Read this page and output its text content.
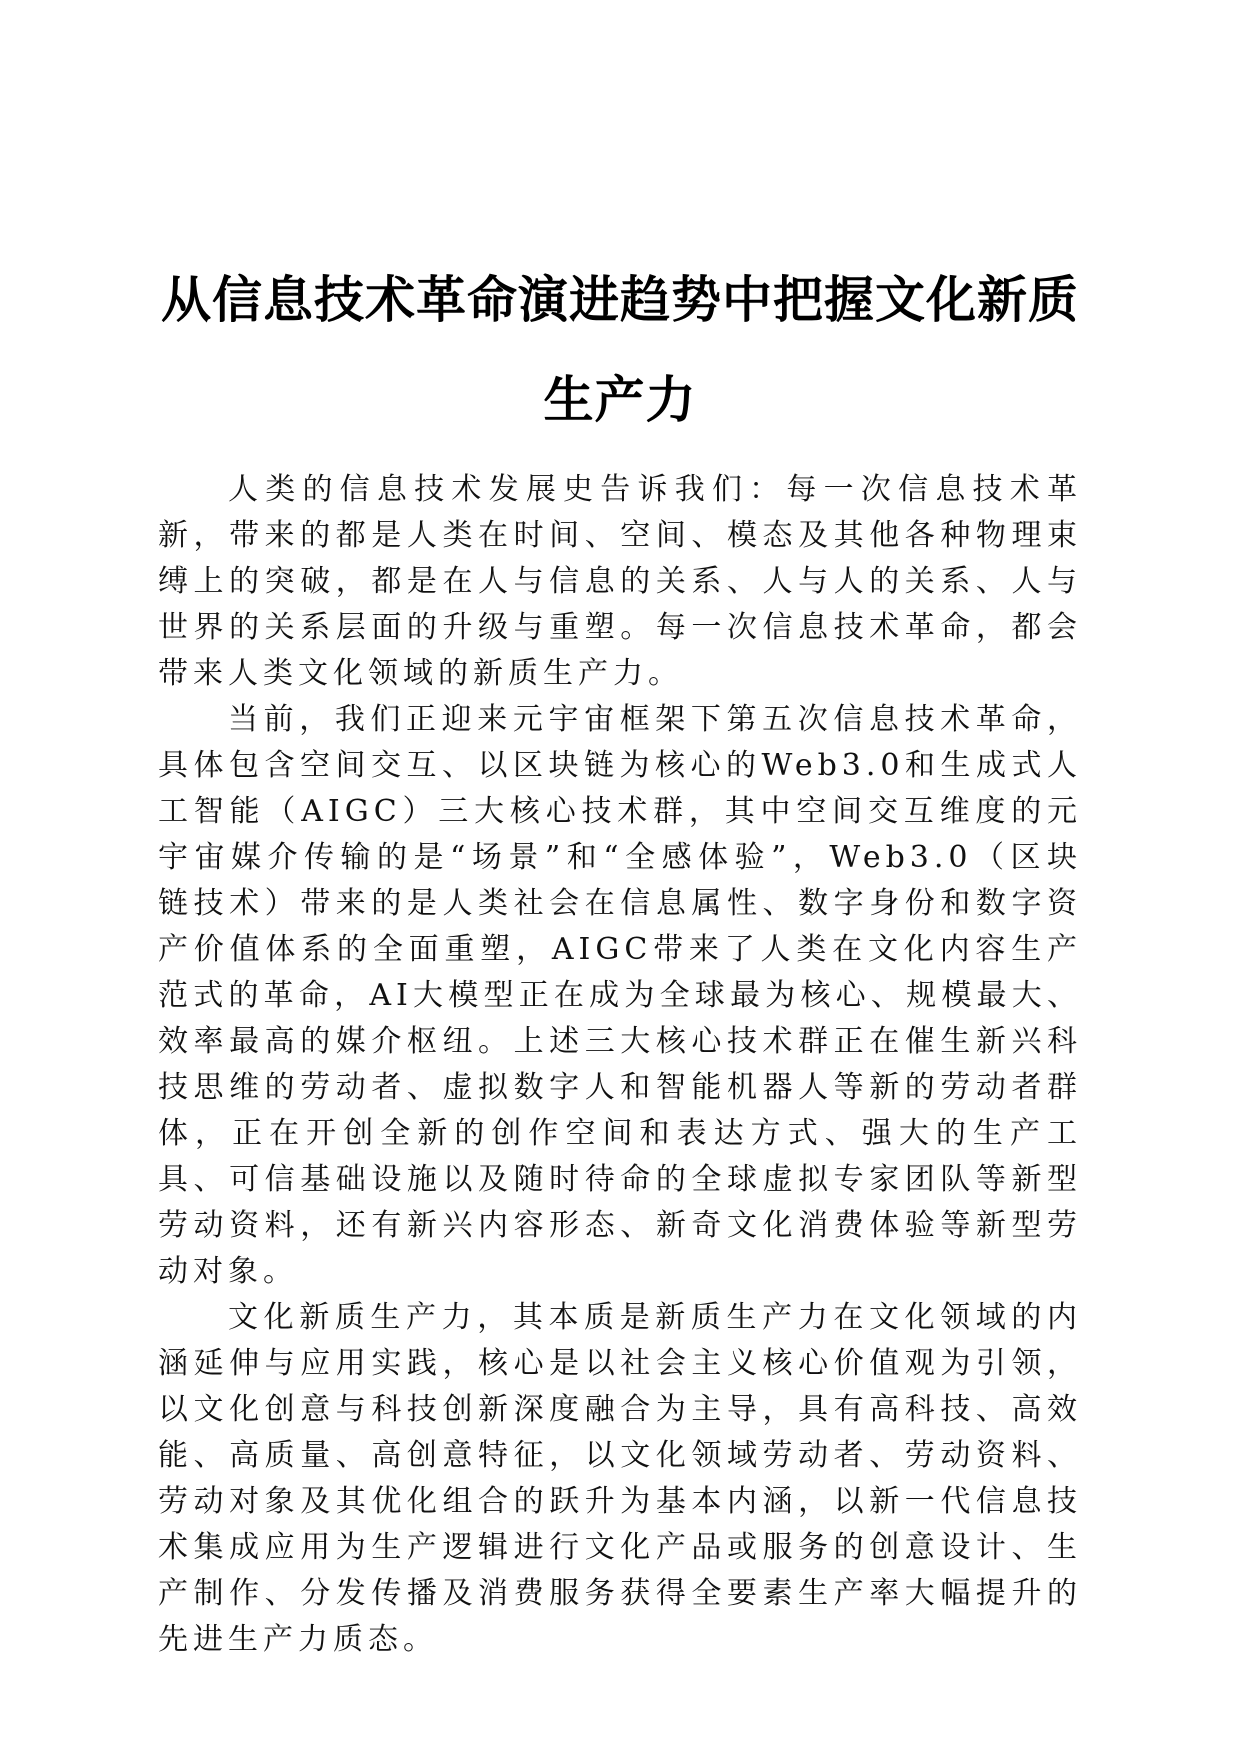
从信息技术革命演进趋势中把握文化新质生产力

人类的信息技术发展史告诉我们：每一次信息技术革新，带来的都是人类在时间、空间、模态及其他各种物理束缚上的突破，都是在人与信息的关系、人与人的关系、人与世界的关系层面的升级与重塑。每一次信息技术革命，都会带来人类文化领域的新质生产力。

当前，我们正迎来元宇宙框架下第五次信息技术革命，具体包含空间交互、以区块链为核心的Web3.0和生成式人工智能（AIGC）三大核心技术群，其中空间交互维度的元宇宙媒介传输的是“场景”和“全感体验”，Web3.0（区块链技术）带来的是人类社会在信息属性、数字身份和数字资产价值体系的全面重塑，AIGC带来了人类在文化内容生产范式的革命，AI大模型正在成为全球最为核心、规模最大、效率最高的媒介枢纽。上述三大核心技术群正在催生新兴科技思维的劳动者、虚拟数字人和智能机器人等新的劳动者群体，正在开创全新的创作空间和表达方式、强大的生产工具、可信基础设施以及随时待命的全球虚拟专家团队等新型劳动资料，还有新兴内容形态、新奇文化消费体验等新型劳动对象。

文化新质生产力，其本质是新质生产力在文化领域的内涵延伸与应用实践，核心是以社会主义核心价值观为引领，以文化创意与科技创新深度融合为主导，具有高科技、高效能、高质量、高创意特征，以文化领域劳动者、劳动资料、劳动对象及其优化组合的跃升为基本内涵，以新一代信息技术集成应用为生产逻辑进行文化产品或服务的创意设计、生产制作、分发传播及消费服务获得全要素生产率大幅提升的先进生产力质态。
